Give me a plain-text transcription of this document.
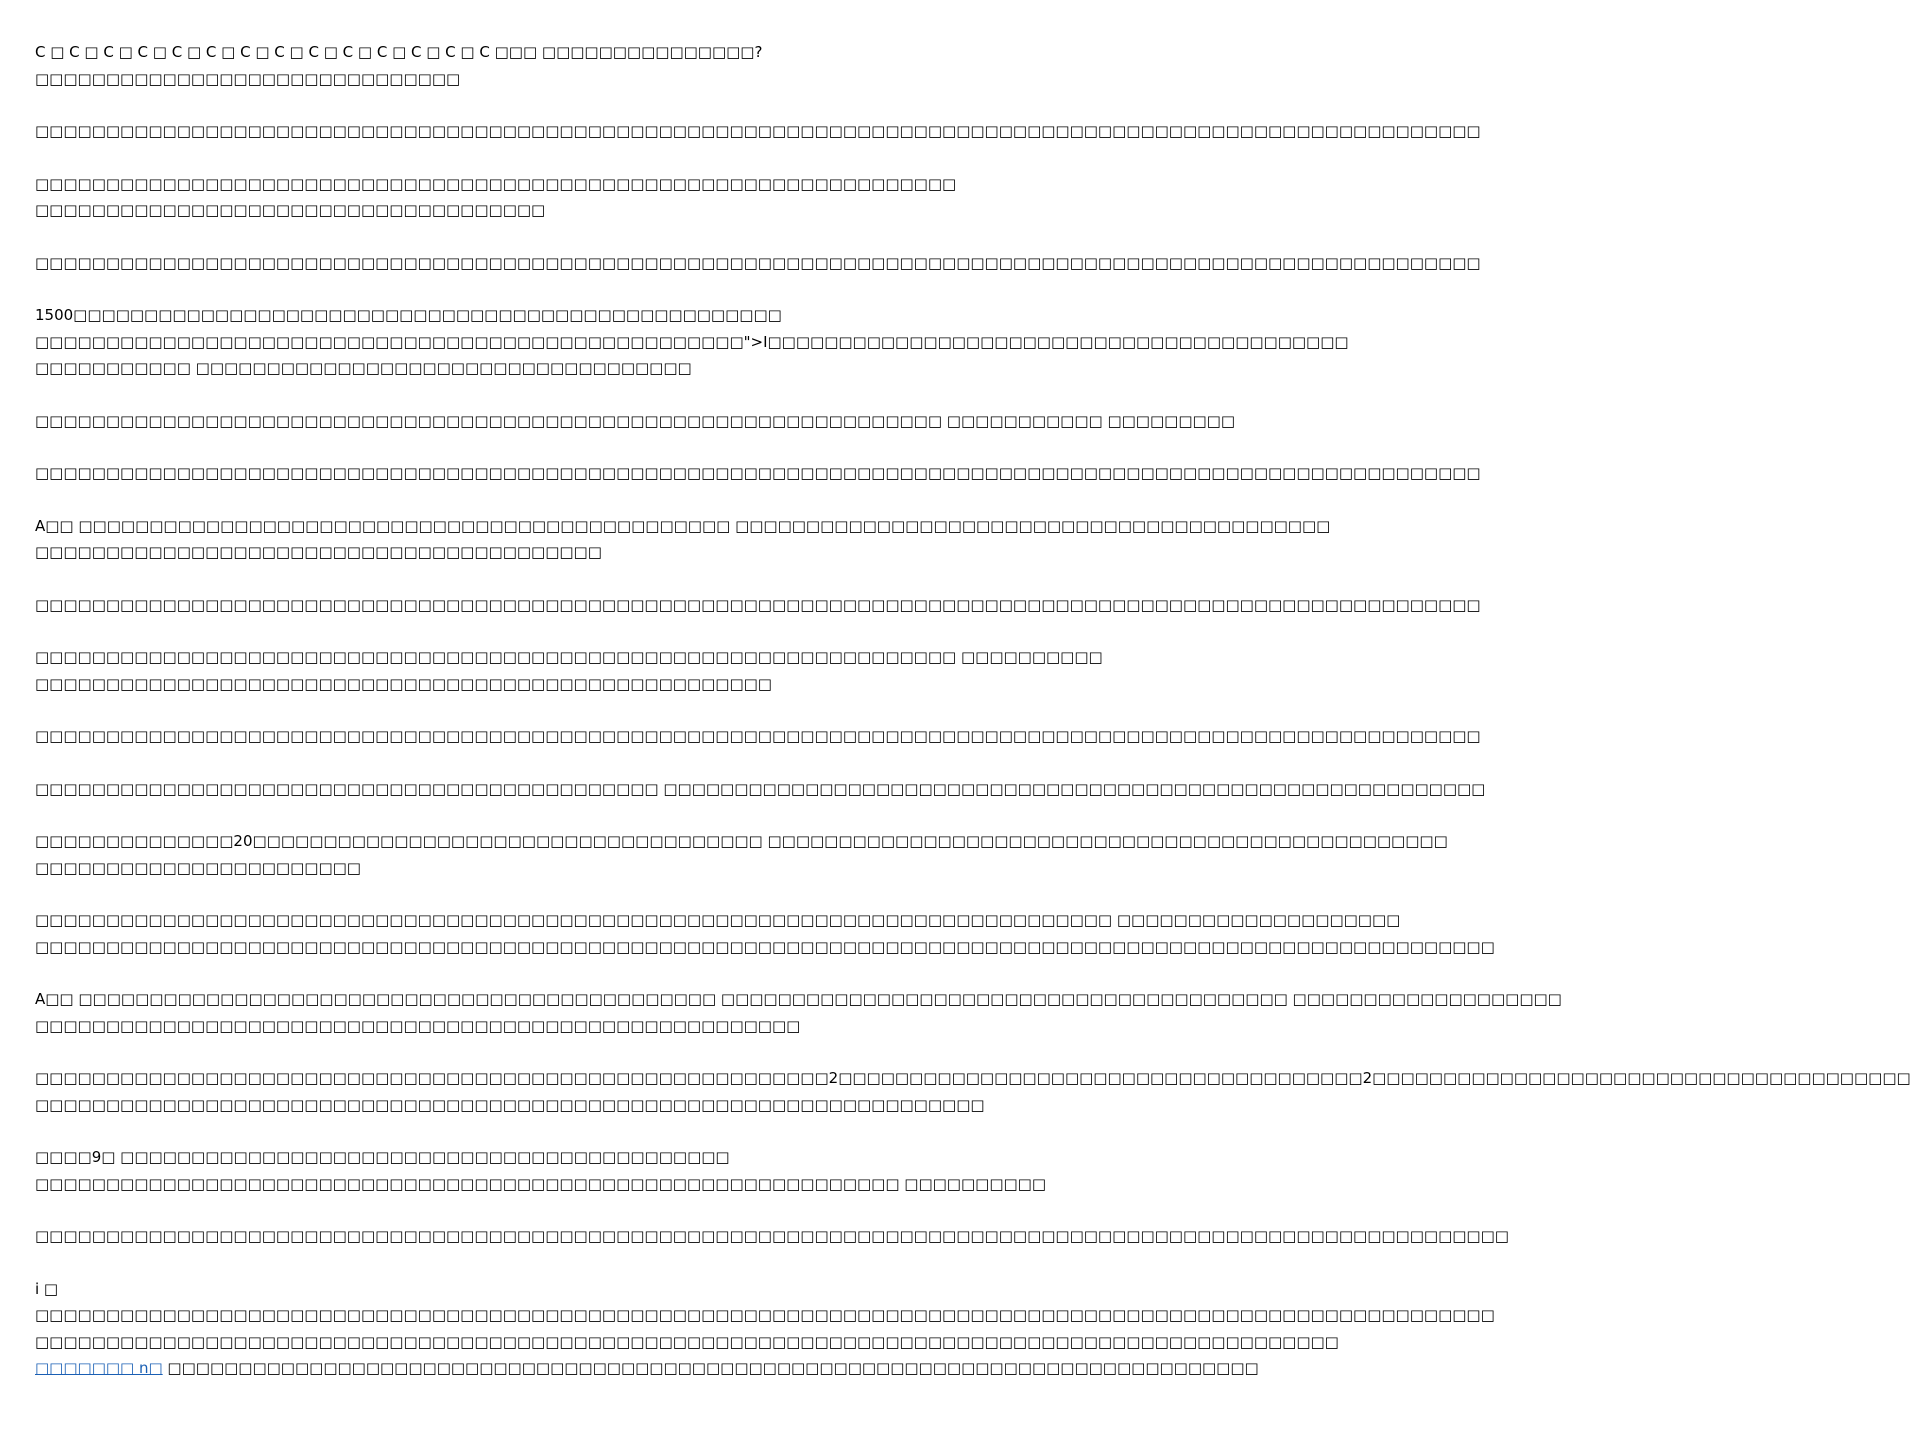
C □ C □ C □ C □ C □ C □ C □ C □ C □ C □ C □ C □ C □ C □□□ □□□□□□□□□□□□□□□?
□□□□□□□□□□□□□□□□□□□□□□□□□□□□□□

□□□□□□□□□□□□□□□□□□□□□□□□□□□□□□□□□□□□□□□□□□□□□□□□□□□□□□□□□□□□□□□□□□□□□□□□□□□□□□□□□□□□□□□□□□□□□□□□□□□□□□

□□□□□□□□□□□□□□□□□□□□□□□□□□□□□□□□□□□□□□□□□□□□□□□□□□□□□□□□□□□□□□□□□
□□□□□□□□□□□□□□□□□□□□□□□□□□□□□□□□□□□□

□□□□□□□□□□□□□□□□□□□□□□□□□□□□□□□□□□□□□□□□□□□□□□□□□□□□□□□□□□□□□□□□□□□□□□□□□□□□□□□□□□□□□□□□□□□□□□□□□□□□□□

1500□□□□□□□□□□□□□□□□□□□□□□□□□□□□□□□□□□□□□□□□□□□□□□□□□□
□□□□□□□□□□□□□□□□□□□□□□□□□□□□□□□□□□□□□□□□□□□□□□□□□□">I□□□□□□□□□□□□□□□□□□□□□□□□□□□□□□□□□□□□□□□□□
□□□□□□□□□□□ □□□□□□□□□□□□□□□□□□□□□□□□□□□□□□□□□□□

□□□□□□□□□□□□□□□□□□□□□□□□□□□□□□□□□□□□□□□□□□□□□□□□□□□□□□□□□□□□□□□□ □□□□□□□□□□□ □□□□□□□□□

□□□□□□□□□□□□□□□□□□□□□□□□□□□□□□□□□□□□□□□□□□□□□□□□□□□□□□□□□□□□□□□□□□□□□□□□□□□□□□□□□□□□□□□□□□□□□□□□□□□□□□

A□□ □□□□□□□□□□□□□□□□□□□□□□□□□□□□□□□□□□□□□□□□□□□□□□ □□□□□□□□□□□□□□□□□□□□□□□□□□□□□□□□□□□□□□□□□□
□□□□□□□□□□□□□□□□□□□□□□□□□□□□□□□□□□□□□□□□

□□□□□□□□□□□□□□□□□□□□□□□□□□□□□□□□□□□□□□□□□□□□□□□□□□□□□□□□□□□□□□□□□□□□□□□□□□□□□□□□□□□□□□□□□□□□□□□□□□□□□□

□□□□□□□□□□□□□□□□□□□□□□□□□□□□□□□□□□□□□□□□□□□□□□□□□□□□□□□□□□□□□□□□□ □□□□□□□□□□
□□□□□□□□□□□□□□□□□□□□□□□□□□□□□□□□□□□□□□□□□□□□□□□□□□□□

□□□□□□□□□□□□□□□□□□□□□□□□□□□□□□□□□□□□□□□□□□□□□□□□□□□□□□□□□□□□□□□□□□□□□□□□□□□□□□□□□□□□□□□□□□□□□□□□□□□□□□

□□□□□□□□□□□□□□□□□□□□□□□□□□□□□□□□□□□□□□□□□□□□ □□□□□□□□□□□□□□□□□□□□□□□□□□□□□□□□□□□□□□□□□□□□□□□□□□□□□□□□□□

□□□□□□□□□□□□□□20□□□□□□□□□□□□□□□□□□□□□□□□□□□□□□□□□□□□ □□□□□□□□□□□□□□□□□□□□□□□□□□□□□□□□□□□□□□□□□□□□□□□□
□□□□□□□□□□□□□□□□□□□□□□□

□□□□□□□□□□□□□□□□□□□□□□□□□□□□□□□□□□□□□□□□□□□□□□□□□□□□□□□□□□□□□□□□□□□□□□□□□□□□ □□□□□□□□□□□□□□□□□□□□
□□□□□□□□□□□□□□□□□□□□□□□□□□□□□□□□□□□□□□□□□□□□□□□□□□□□□□□□□□□□□□□□□□□□□□□□□□□□□□□□□□□□□□□□□□□□□□□□□□□□□□□

A□□ □□□□□□□□□□□□□□□□□□□□□□□□□□□□□□□□□□□□□□□□□□□□□ □□□□□□□□□□□□□□□□□□□□□□□□□□□□□□□□□□□□□□□□ □□□□□□□□□□□□□□□□□□□
□□□□□□□□□□□□□□□□□□□□□□□□□□□□□□□□□□□□□□□□□□□□□□□□□□□□□□

□□□□□□□□□□□□□□□□□□□□□□□□□□□□□□□□□□□□□□□□□□□□□□□□□□□□□□□□2□□□□□□□□□□□□□□□□□□□□□□□□□□□□□□□□□□□□□2□□□□□□□□□□□□□□□□□□□□□□□□□□□□□□□□□□□□□□
□□□□□□□□□□□□□□□□□□□□□□□□□□□□□□□□□□□□□□□□□□□□□□□□□□□□□□□□□□□□□□□□□□□

□□□□9□ □□□□□□□□□□□□□□□□□□□□□□□□□□□□□□□□□□□□□□□□□□□
□□□□□□□□□□□□□□□□□□□□□□□□□□□□□□□□□□□□□□□□□□□□□□□□□□□□□□□□□□□□□ □□□□□□□□□□

□□□□□□□□□□□□□□□□□□□□□□□□□□□□□□□□□□□□□□□□□□□□□□□□□□□□□□□□□□□□□□□□□□□□□□□□□□□□□□□□□□□□□□□□□□□□□□□□□□□□□□□□

i □
□□□□□□□□□□□□□□□□□□□□□□□□□□□□□□□□□□□□□□□□□□□□□□□□□□□□□□□□□□□□□□□□□□□□□□□□□□□□□□□□□□□□□□□□□□□□□□□□□□□□□□□
□□□□□□□□□□□□□□□□□□□□□□□□□□□□□□□□□□□□□□□□□□□□□□□□□□□□□□□□□□□□□□□□□□□□□□□□□□□□□□□□□□□□□□□□□□□□
□□□□□□□ n□ □□□□□□□□□□□□□□□□□□□□□□□□□□□□□□□□□□□□□□□□□□□□□□□□□□□□□□□□□□□□□□□□□□□□□□□□□□□□□
